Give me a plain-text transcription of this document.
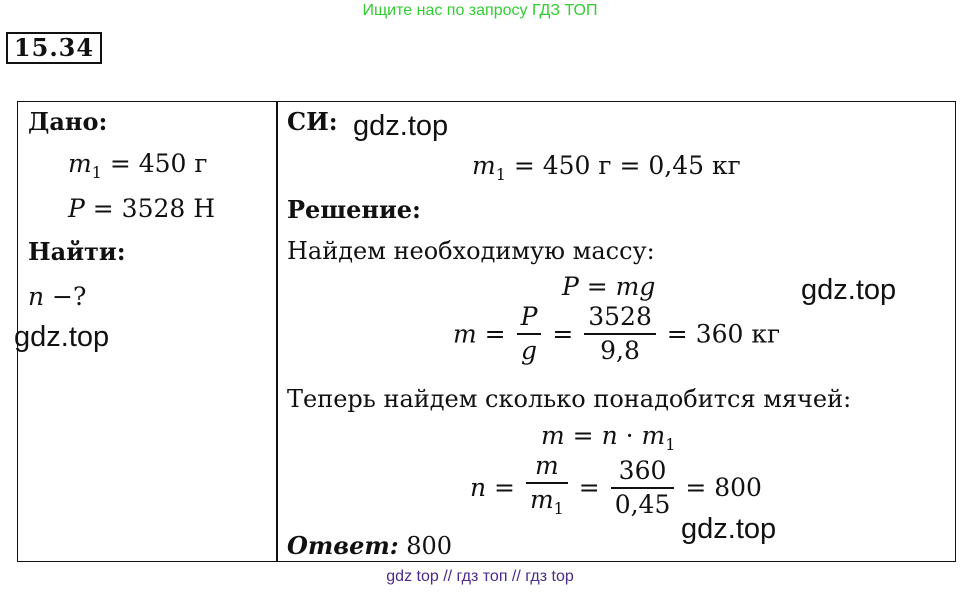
Ищите нас по запросу ГДЗ ТОП
15.34
Дано:
$m_1 = 450$ г
P = 3528 Н
Найти:
n −?
СИ:
$m_1 = 450$ г = 0,45 кг
Решение:
Найдем необходимую массу:
P = mg
$m = \frac{P}{g} = \frac{3528}{9,8} = 360$ кг
Теперь найдем сколько понадобится мячей:
$m = n \cdot m_1$
$n = \frac{m}{m_1} = \frac{360}{0,45} = 800$
Ответ: 800
gdz.top
gdz.top
gdz.top
gdz.top
gdz top // гдз топ // гдз top
